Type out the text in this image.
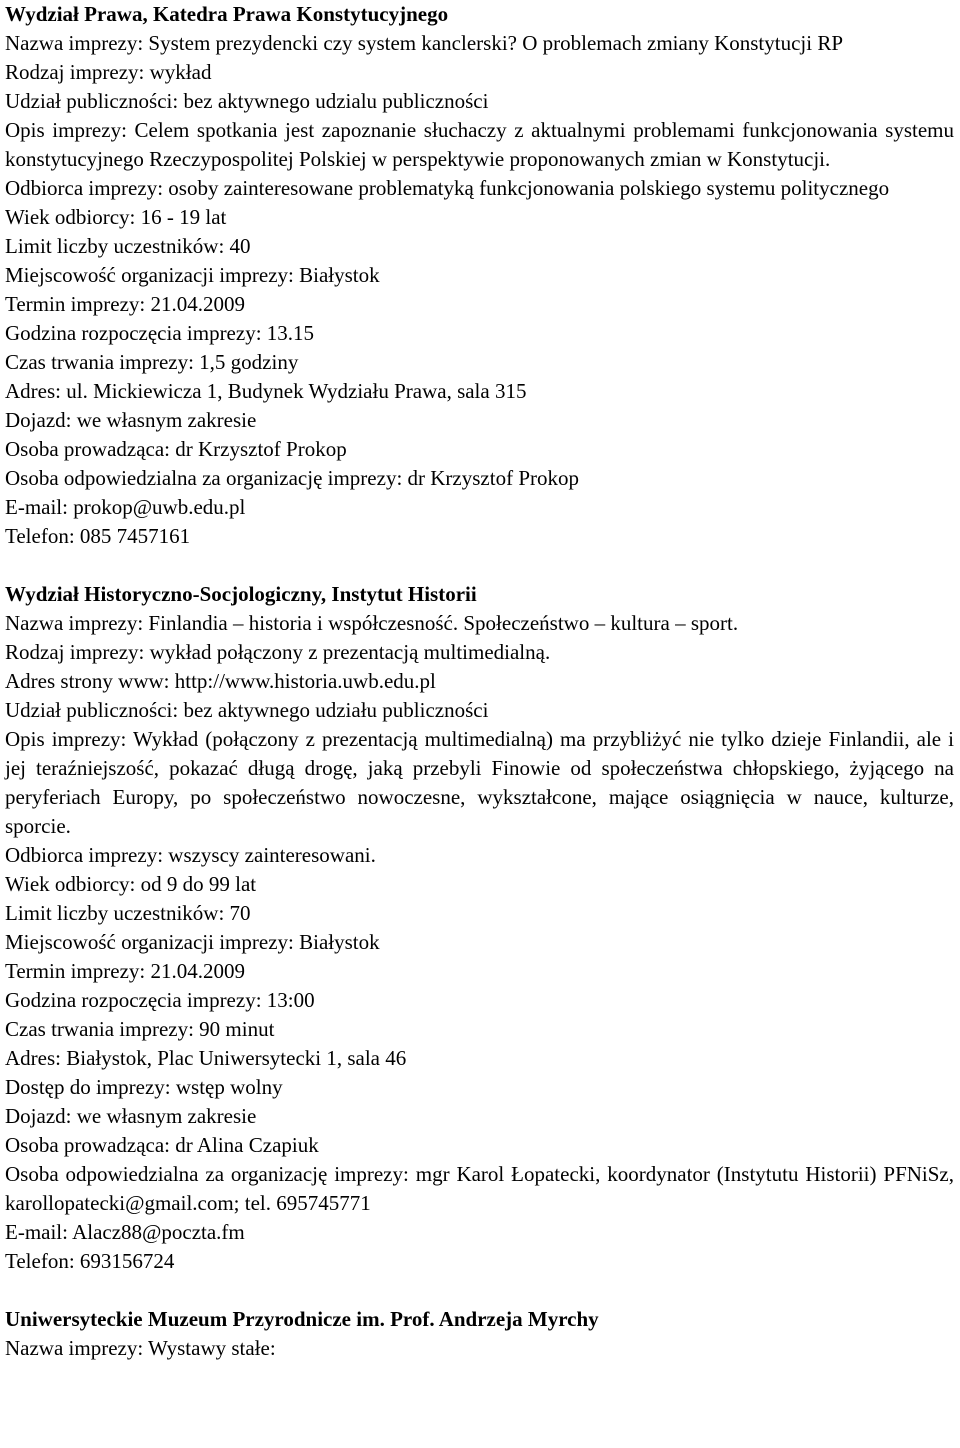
Wydział Prawa, Katedra Prawa Konstytucyjnego

Nazwa imprezy: System prezydencki czy system kanclerski? O problemach zmiany Konstytucji RP

Rodzaj imprezy: wykład

Udział publiczności: bez aktywnego udzialu publiczności

Opis imprezy: Celem spotkania jest zapoznanie słuchaczy z aktualnymi problemami funkcjonowania systemu konstytucyjnego Rzeczypospolitej Polskiej w perspektywie proponowanych zmian w Konstytucji.

Odbiorca imprezy: osoby zainteresowane problematyką funkcjonowania polskiego systemu politycznego

Wiek odbiorcy: 16 - 19 lat

Limit liczby uczestników: 40

Miejscowość organizacji imprezy: Białystok

Termin imprezy: 21.04.2009

Godzina rozpoczęcia imprezy: 13.15

Czas trwania imprezy: 1,5 godziny

Adres: ul. Mickiewicza 1, Budynek Wydziału Prawa, sala 315

Dojazd: we własnym zakresie

Osoba prowadząca: dr Krzysztof Prokop

Osoba odpowiedzialna za organizację imprezy: dr Krzysztof Prokop

E-mail: prokop@uwb.edu.pl

Telefon: 085 7457161

Wydział Historyczno-Socjologiczny, Instytut Historii

Nazwa imprezy: Finlandia – historia i współczesność. Społeczeństwo – kultura – sport.

Rodzaj imprezy: wykład połączony z prezentacją multimedialną.

Adres strony www: http://www.historia.uwb.edu.pl

Udział publiczności: bez aktywnego udziału publiczności

Opis imprezy: Wykład (połączony z prezentacją multimedialną) ma przybliżyć nie tylko dzieje Finlandii, ale i jej teraźniejszość, pokazać długą drogę, jaką przebyli Finowie od społeczeństwa chłopskiego, żyjącego na peryferiach Europy, po społeczeństwo nowoczesne, wykształcone, mające osiągnięcia w nauce, kulturze, sporcie.

Odbiorca imprezy: wszyscy zainteresowani.

Wiek odbiorcy: od 9 do 99 lat

Limit liczby uczestników: 70

Miejscowość organizacji imprezy: Białystok

Termin imprezy: 21.04.2009

Godzina rozpoczęcia imprezy: 13:00

Czas trwania imprezy: 90 minut

Adres: Białystok, Plac Uniwersytecki 1, sala 46

Dostęp do imprezy: wstęp wolny

Dojazd: we własnym zakresie

Osoba prowadząca: dr Alina Czapiuk

Osoba odpowiedzialna za organizację imprezy: mgr Karol Łopatecki, koordynator (Instytutu Historii) PFNiSz, karollopatecki@gmail.com; tel. 695745771

E-mail: Alacz88@poczta.fm

Telefon: 693156724

Uniwersyteckie Muzeum Przyrodnicze im. Prof. Andrzeja Myrchy

Nazwa imprezy: Wystawy stałe:
